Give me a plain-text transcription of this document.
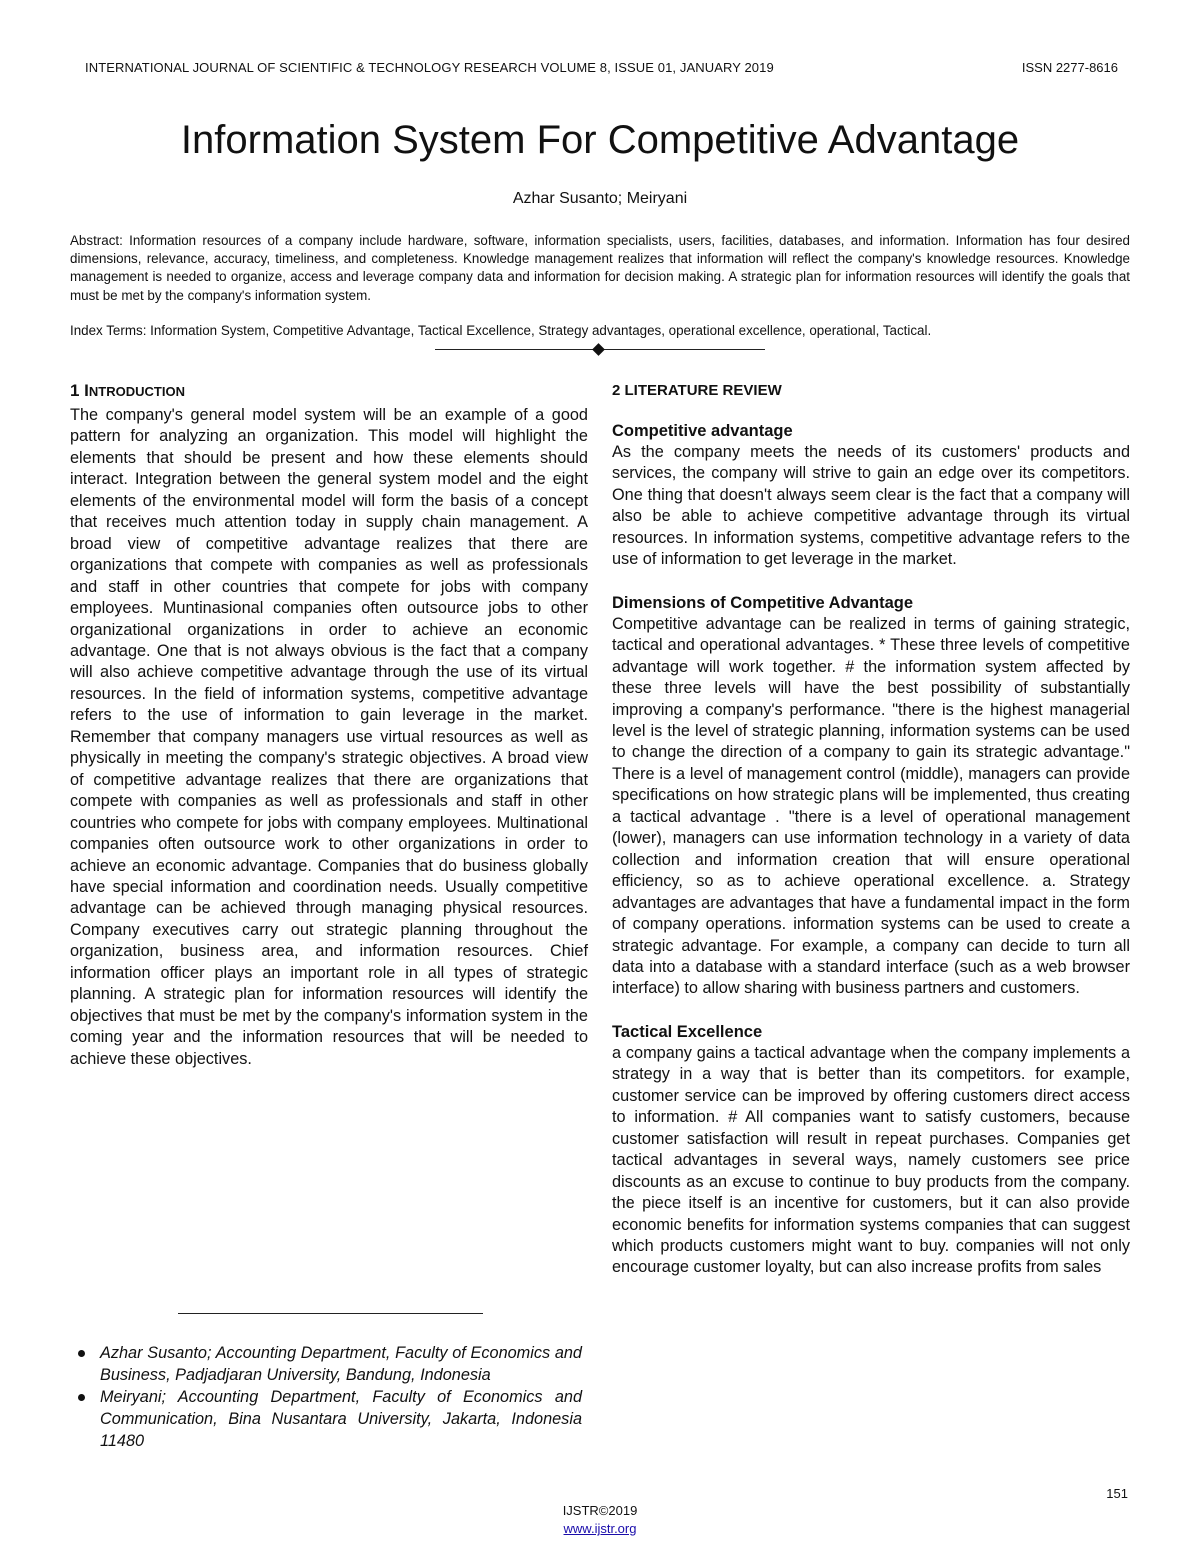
INTERNATIONAL JOURNAL OF SCIENTIFIC & TECHNOLOGY RESEARCH VOLUME 8, ISSUE 01, JANUARY 2019	ISSN 2277-8616
Information System For Competitive Advantage
Azhar Susanto; Meiryani

Abstract: Information resources of a company include hardware, software, information specialists, users, facilities, databases, and information. Information has four desired dimensions, relevance, accuracy, timeliness, and completeness. Knowledge management realizes that information will reflect the company's knowledge resources. Knowledge management is needed to organize, access and leverage company data and information for decision making. A strategic plan for information resources will identify the goals that must be met by the company's information system.

Index Terms: Information System, Competitive Advantage, Tactical Excellence, Strategy advantages, operational excellence, operational, Tactical.

1 INTRODUCTION

The company's general model system will be an example of a good pattern for analyzing an organization. This model will highlight the elements that should be present and how these elements should interact. Integration between the general system model and the eight elements of the environmental model will form the basis of a concept that receives much attention today in supply chain management. A broad view of competitive advantage realizes that there are organizations that compete with companies as well as professionals and staff in other countries that compete for jobs with company employees. Muntinasional companies often outsource jobs to other organizational organizations in order to achieve an economic advantage. One that is not always obvious is the fact that a company will also achieve competitive advantage through the use of its virtual resources. In the field of information systems, competitive advantage refers to the use of information to gain leverage in the market. Remember that company managers use virtual resources as well as physically in meeting the company's strategic objectives. A broad view of competitive advantage realizes that there are organizations that compete with companies as well as professionals and staff in other countries who compete for jobs with company employees. Multinational companies often outsource work to other organizations in order to achieve an economic advantage. Companies that do business globally have special information and coordination needs. Usually competitive advantage can be achieved through managing physical resources. Company executives carry out strategic planning throughout the organization, business area, and information resources. Chief information officer plays an important role in all types of strategic planning. A strategic plan for information resources will identify the objectives that must be met by the company's information system in the coming year and the information resources that will be needed to achieve these objectives.

Azhar Susanto; Accounting Department, Faculty of Economics and Business, Padjadjaran University, Bandung, Indonesia
Meiryani; Accounting Department, Faculty of Economics and Communication, Bina Nusantara University, Jakarta, Indonesia 11480
2 LITERATURE REVIEW
Competitive advantage

As the company meets the needs of its customers' products and services, the company will strive to gain an edge over its competitors. One thing that doesn't always seem clear is the fact that a company will also be able to achieve competitive advantage through its virtual resources. In information systems, competitive advantage refers to the use of information to get leverage in the market.

Dimensions of Competitive Advantage

Competitive advantage can be realized in terms of gaining strategic, tactical and operational advantages. * These three levels of competitive advantage will work together. # the information system affected by these three levels will have the best possibility of substantially improving a company's performance. "there is the highest managerial level is the level of strategic planning, information systems can be used to change the direction of a company to gain its strategic advantage." There is a level of management control (middle), managers can provide specifications on how strategic plans will be implemented, thus creating a tactical advantage . "there is a level of operational management (lower), managers can use information technology in a variety of data collection and information creation that will ensure operational efficiency, so as to achieve operational excellence. a. Strategy advantages are advantages that have a fundamental impact in the form of company operations. information systems can be used to create a strategic advantage. For example, a company can decide to turn all data into a database with a standard interface (such as a web browser interface) to allow sharing with business partners and customers.

Tactical Excellence

a company gains a tactical advantage when the company implements a strategy in a way that is better than its competitors. for example, customer service can be improved by offering customers direct access to information. # All companies want to satisfy customers, because customer satisfaction will result in repeat purchases. Companies get tactical advantages in several ways, namely customers see price discounts as an excuse to continue to buy products from the company. the piece itself is an incentive for customers, but it can also provide economic benefits for information systems companies that can suggest which products customers might want to buy. companies will not only encourage customer loyalty, but can also increase profits from sales

151
IJSTR©2019
www.ijstr.org
